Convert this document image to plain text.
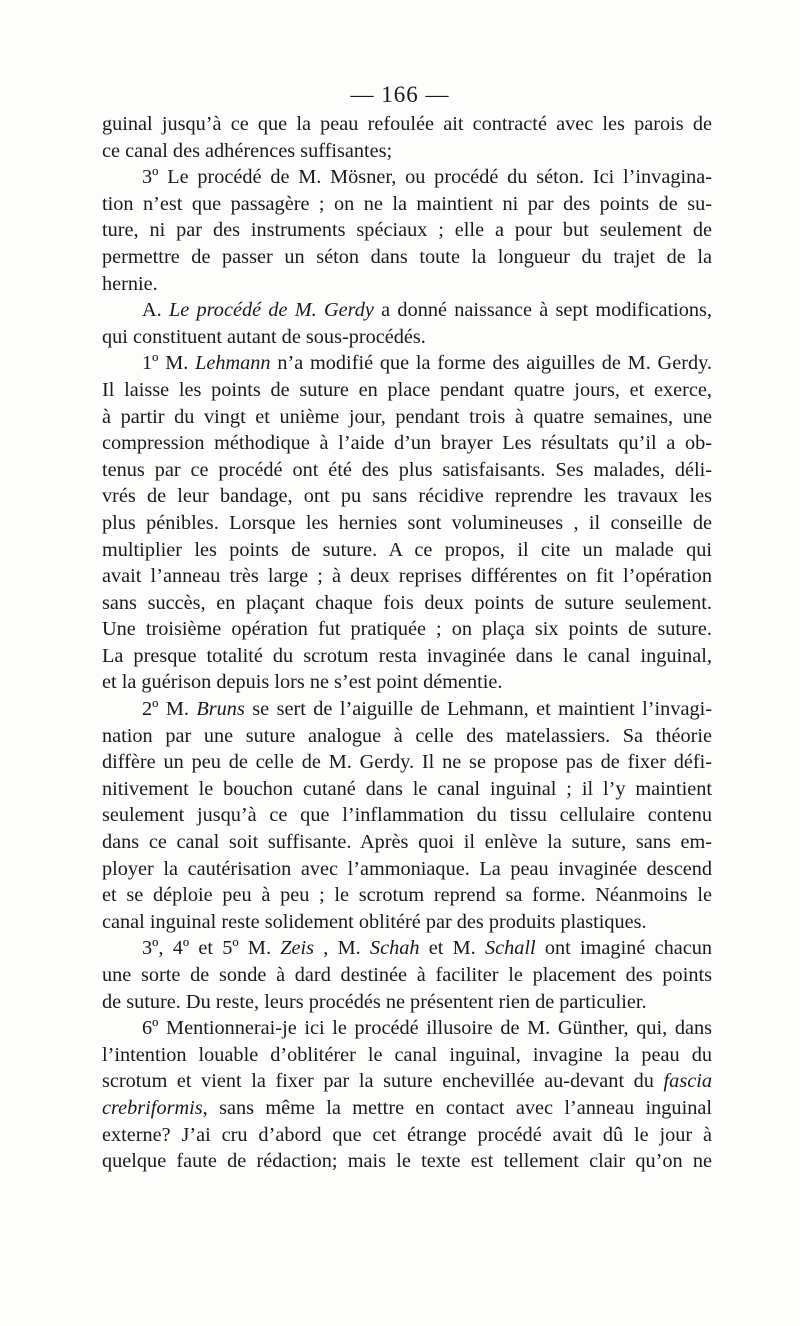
— 166 —

guinal jusqu’à ce que la peau refoulée ait contracté avec les parois de
ce canal des adhérences suffisantes;

3º Le procédé de M. Mösner, ou procédé du séton. Ici l’invagina-
tion n’est que passagère ; on ne la maintient ni par des points de su-
ture, ni par des instruments spéciaux ; elle a pour but seulement de
permettre de passer un séton dans toute la longueur du trajet de la
hernie.

A. Le procédé de M. Gerdy a donné naissance à sept modifications,
qui constituent autant de sous-procédés.

1º M. Lehmann n’a modifié que la forme des aiguilles de M. Gerdy.
Il laisse les points de suture en place pendant quatre jours, et exerce,
à partir du vingt et unième jour, pendant trois à quatre semaines, une
compression méthodique à l’aide d’un brayer Les résultats qu’il a ob-
tenus par ce procédé ont été des plus satisfaisants. Ses malades, déli-
vrés de leur bandage, ont pu sans récidive reprendre les travaux les
plus pénibles. Lorsque les hernies sont volumineuses , il conseille de
multiplier les points de suture. A ce propos, il cite un malade qui
avait l’anneau très large ; à deux reprises différentes on fit l’opération
sans succès, en plaçant chaque fois deux points de suture seulement.
Une troisième opération fut pratiquée ; on plaça six points de suture.
La presque totalité du scrotum resta invaginée dans le canal inguinal,
et la guérison depuis lors ne s’est point démentie.

2º M. Bruns se sert de l’aiguille de Lehmann, et maintient l’invagi-
nation par une suture analogue à celle des matelassiers. Sa théorie
diffère un peu de celle de M. Gerdy. Il ne se propose pas de fixer défi-
nitivement le bouchon cutané dans le canal inguinal ; il l’y maintient
seulement jusqu’à ce que l’inflammation du tissu cellulaire contenu
dans ce canal soit suffisante. Après quoi il enlève la suture, sans em-
ployer la cautérisation avec l’ammoniaque. La peau invaginée descend
et se déploie peu à peu ; le scrotum reprend sa forme. Néanmoins le
canal inguinal reste solidement oblitéré par des produits plastiques.

3º, 4º et 5º M. Zeis , M. Schah et M. Schall ont imaginé chacun
une sorte de sonde à dard destinée à faciliter le placement des points
de suture. Du reste, leurs procédés ne présentent rien de particulier.

6º Mentionnerai-je ici le procédé illusoire de M. Günther, qui, dans
l’intention louable d’oblitérer le canal inguinal, invagine la peau du
scrotum et vient la fixer par la suture enchevillée au-devant du fascia
crebriformis, sans même la mettre en contact avec l’anneau inguinal
externe? J’ai cru d’abord que cet étrange procédé avait dû le jour à
quelque faute de rédaction; mais le texte est tellement clair qu’on ne
